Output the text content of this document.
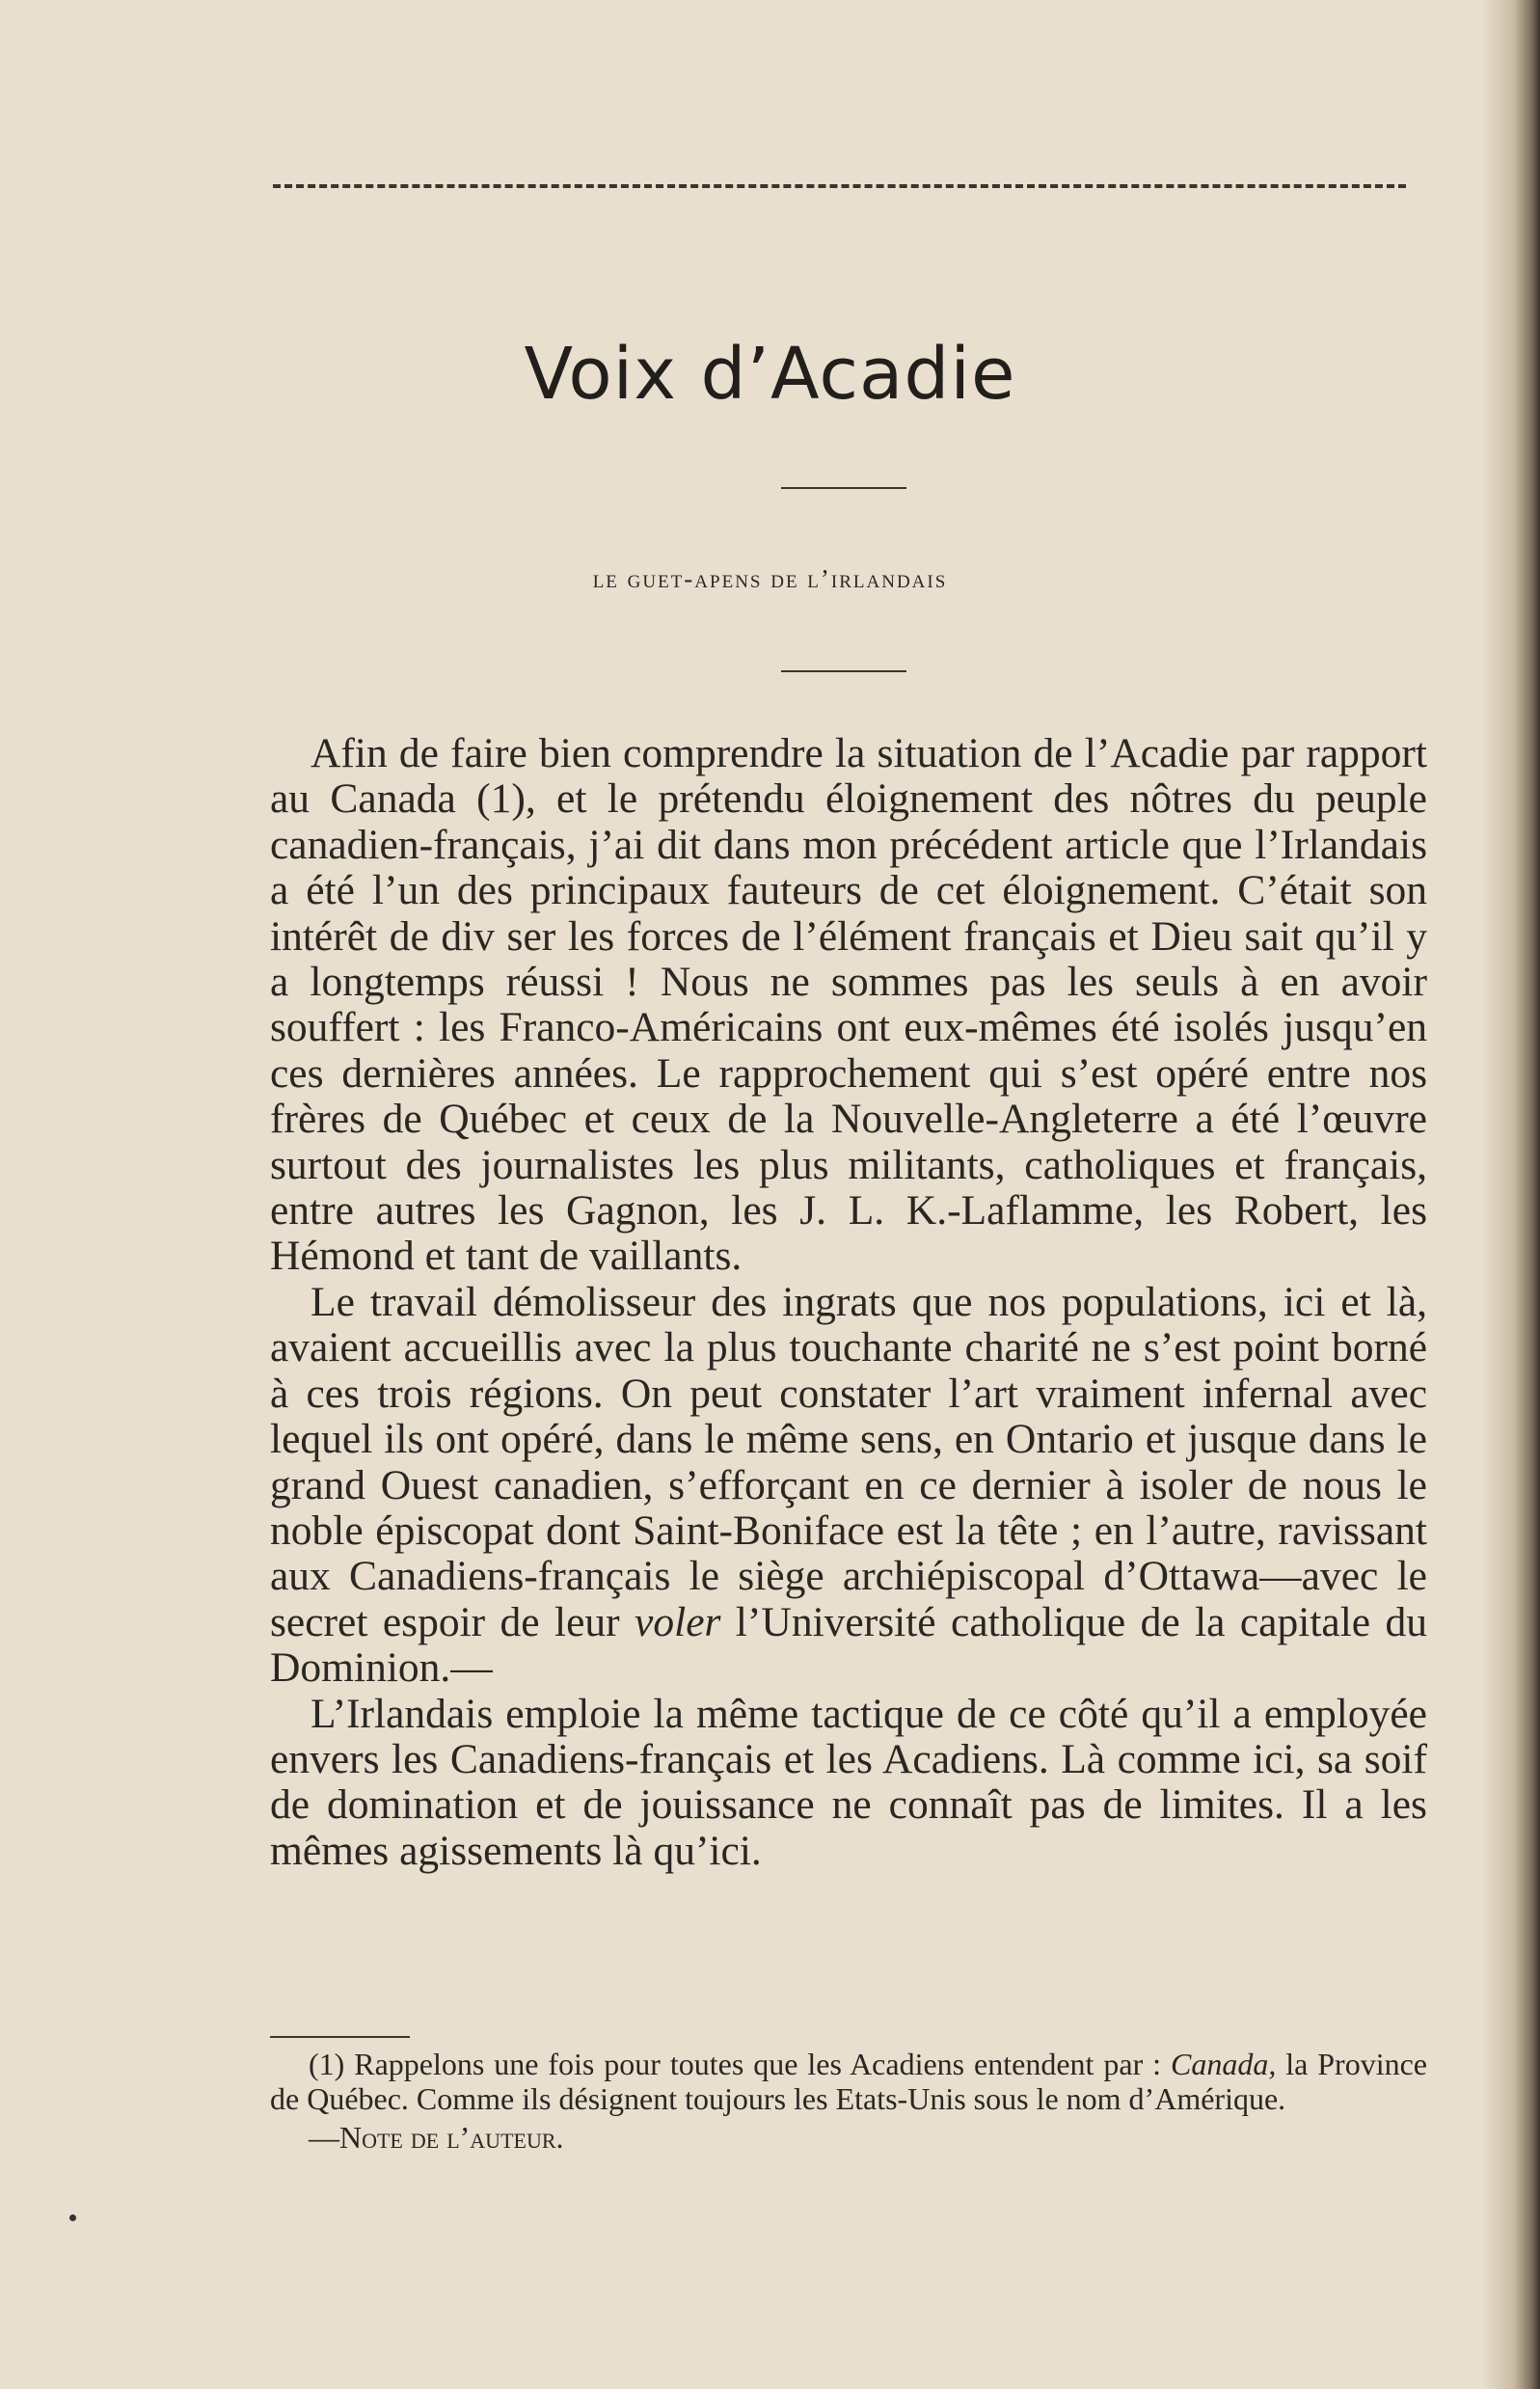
Voix d’Acadie
le guet-apens de l’irlandais

Afin de faire bien comprendre la situation de l’Acadie par rapport au Canada (1), et le prétendu éloignement des nôtres du peuple canadien-français, j’ai dit dans mon précédent article que l’Irlandais a été l’un des principaux fauteurs de cet éloignement. C’était son intérêt de div ser les forces de l’élément français et Dieu sait qu’il y a longtemps réussi ! Nous ne sommes pas les seuls à en avoir souffert : les Franco-Américains ont eux-mêmes été isolés jusqu’en ces dernières années. Le rapprochement qui s’est opéré entre nos frères de Québec et ceux de la Nouvelle-Angleterre a été l’œuvre surtout des journalistes les plus militants, catholiques et français, entre autres les Gagnon, les J. L. K.-Laflamme, les Robert, les Hémond et tant de vaillants.

Le travail démolisseur des ingrats que nos populations, ici et là, avaient accueillis avec la plus touchante charité ne s’est point borné à ces trois régions. On peut constater l’art vraiment infernal avec lequel ils ont opéré, dans le même sens, en Ontario et jusque dans le grand Ouest canadien, s’efforçant en ce dernier à isoler de nous le noble épiscopat dont Saint-Boniface est la tête ; en l’autre, ravissant aux Canadiens-français le siège archiépiscopal d’Ottawa—avec le secret espoir de leur voler l’Université catholique de la capitale du Dominion.—

L’Irlandais emploie la même tactique de ce côté qu’il a employée envers les Canadiens-français et les Acadiens. Là comme ici, sa soif de domination et de jouissance ne connaît pas de limites. Il a les mêmes agissements là qu’ici.

(1) Rappelons une fois pour toutes que les Acadiens entendent par : Canada, la Province de Québec. Comme ils désignent toujours les Etats-Unis sous le nom d’Amérique.

—Note de l’auteur.
